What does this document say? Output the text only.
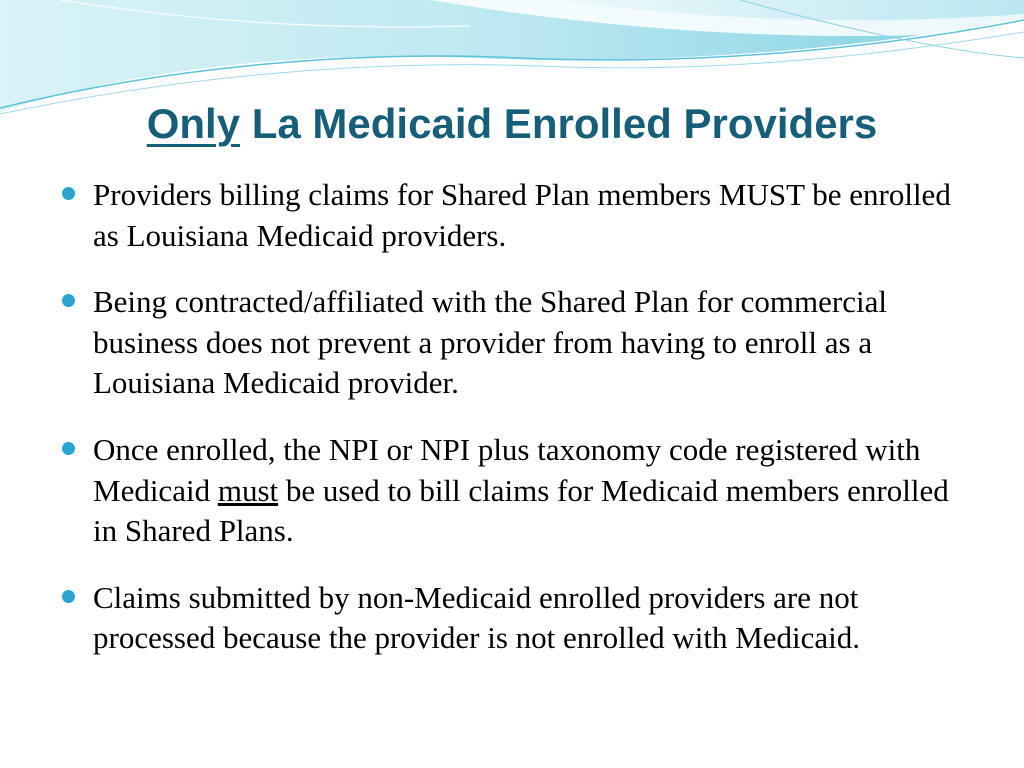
Only La Medicaid Enrolled Providers
Providers billing claims for Shared Plan members MUST be enrolled as Louisiana Medicaid providers.
Being contracted/affiliated with the Shared Plan for commercial business does not prevent a provider from having to enroll as a Louisiana Medicaid provider.
Once enrolled, the NPI or NPI plus taxonomy code registered with Medicaid must be used to bill claims for Medicaid members enrolled in Shared Plans.
Claims submitted by non-Medicaid enrolled providers are not processed because the provider is not enrolled with Medicaid.
